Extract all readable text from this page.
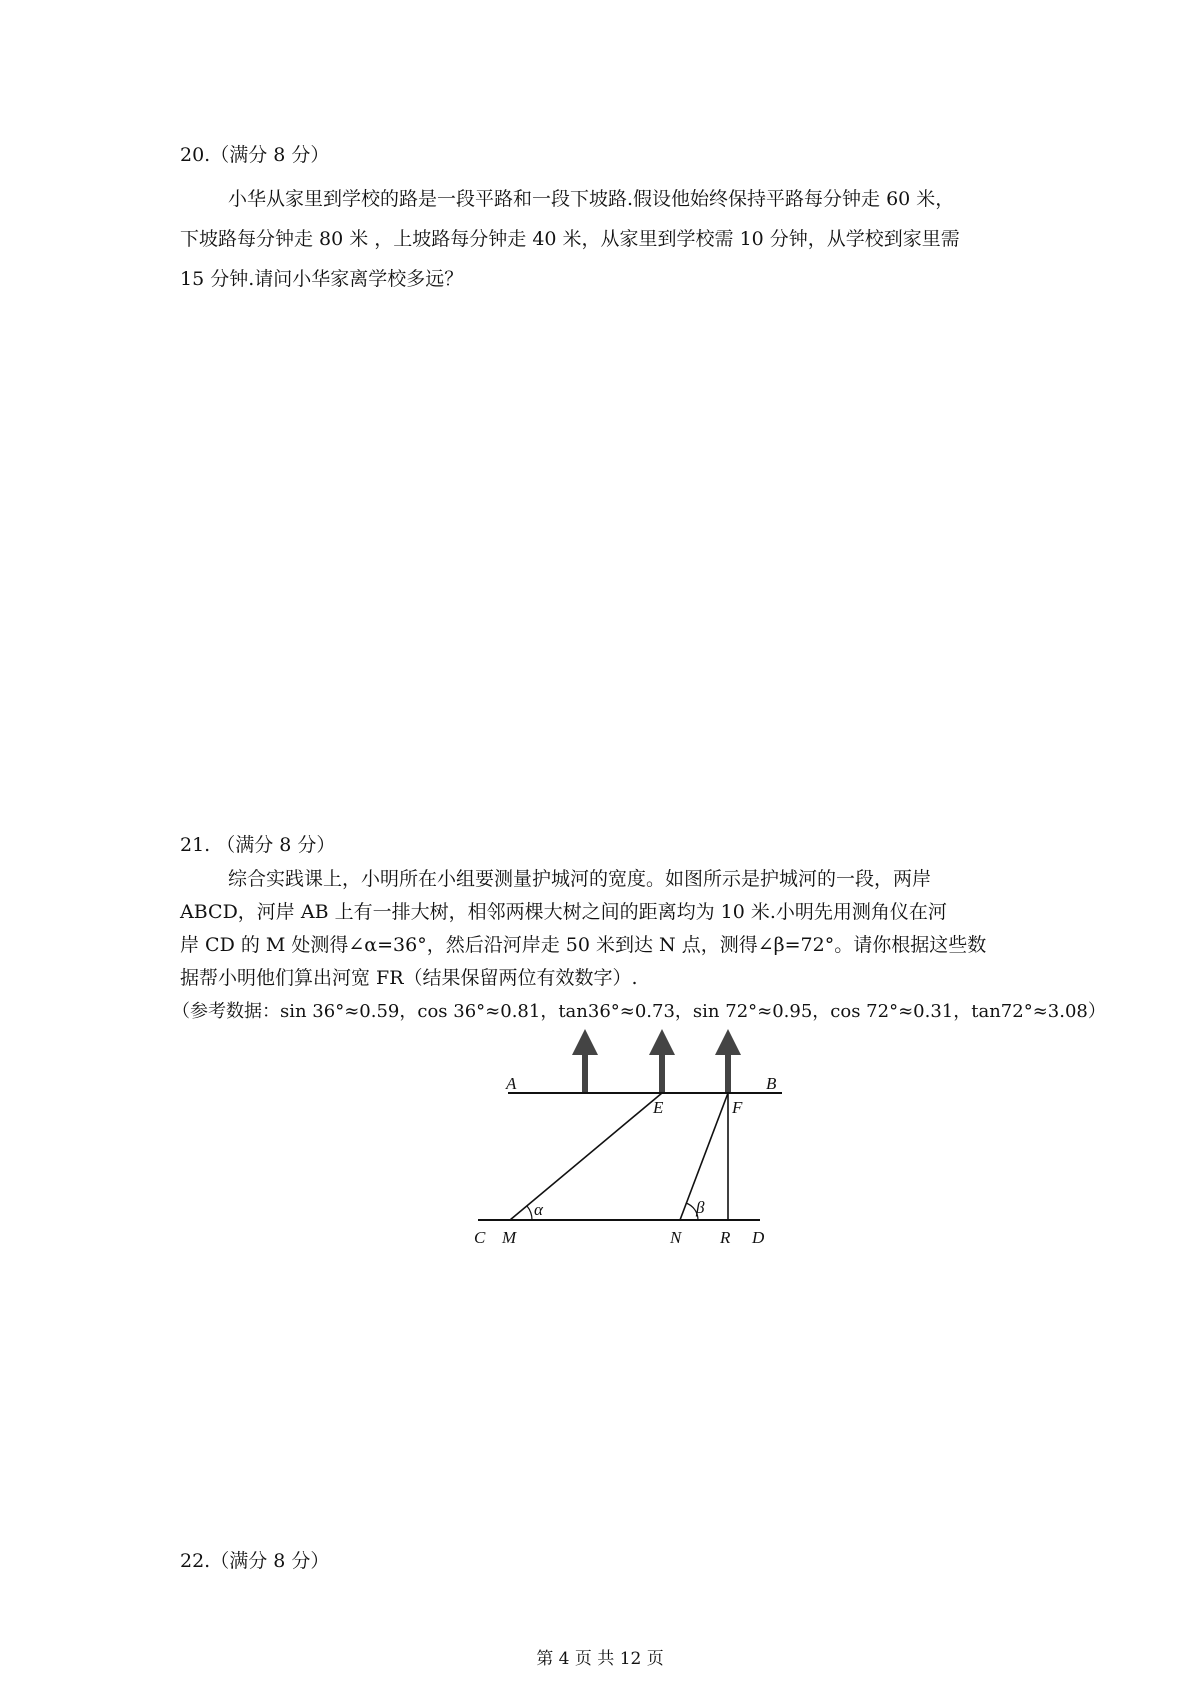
20.（满分 8 分）

小华从家里到学校的路是一段平路和一段下坡路.假设他始终保持平路每分钟走 60 米，

下坡路每分钟走 80 米 ，上坡路每分钟走 40 米，从家里到学校需 10 分钟，从学校到家里需

15 分钟.请问小华家离学校多远？

21. （满分 8 分）

综合实践课上，小明所在小组要测量护城河的宽度。如图所示是护城河的一段，两岸

ABCD，河岸 AB 上有一排大树，相邻两棵大树之间的距离均为 10 米.小明先用测角仪在河

岸 CD 的 M 处测得∠α=36°，然后沿河岸走 50 米到达 N 点，测得∠β=72°。请你根据这些数

据帮小明他们算出河宽 FR（结果保留两位有效数字）.

（参考数据：sin 36°≈0.59，cos 36°≈0.81，tan36°≈0.73，sin 72°≈0.95，cos 72°≈0.31，tan72°≈3.08）
A	B
E	F
α	β
C M	N R D
22.（满分 8 分）
第 4 页 共 12 页
